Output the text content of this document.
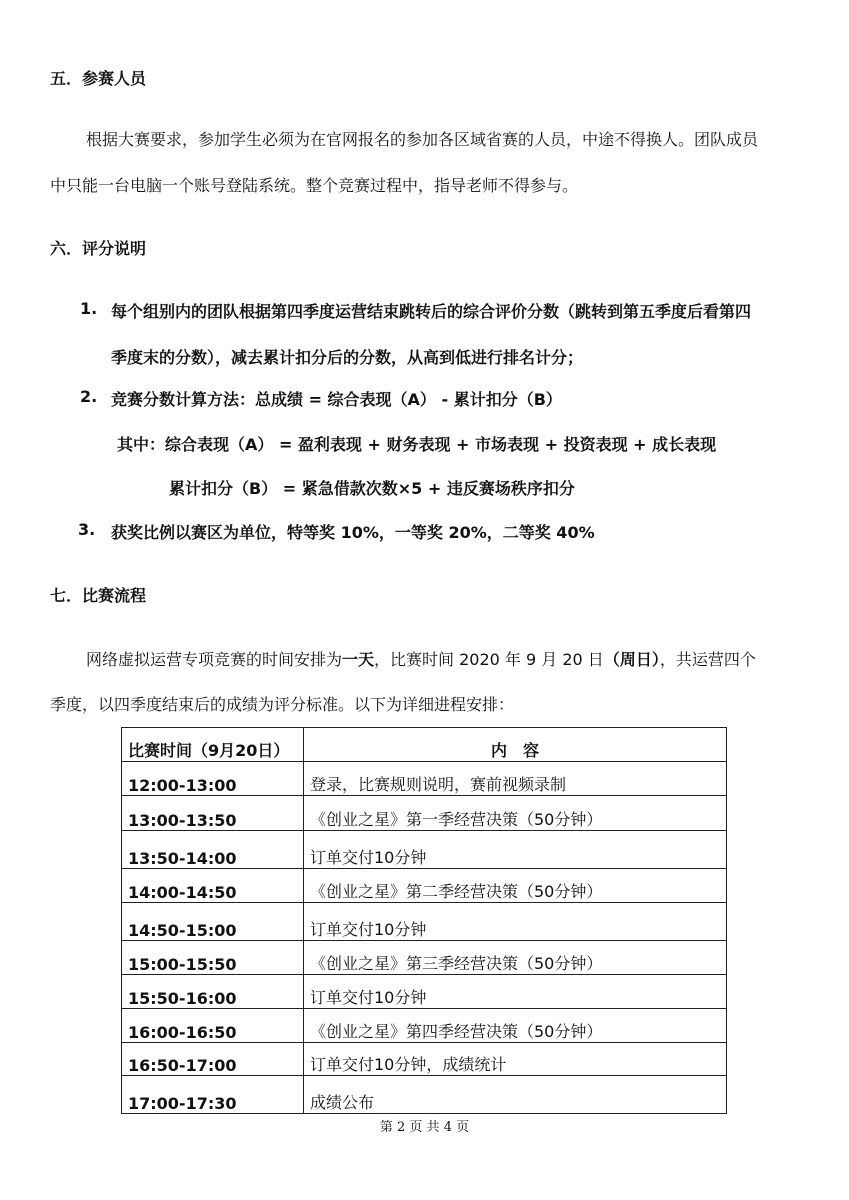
五．参赛人员
根据大赛要求，参加学生必须为在官网报名的参加各区域省赛的人员，中途不得换人。团队成员
中只能一台电脑一个账号登陆系统。整个竞赛过程中，指导老师不得参与。
六．评分说明
1. 每个组别内的团队根据第四季度运营结束跳转后的综合评价分数（跳转到第五季度后看第四
季度末的分数），减去累计扣分后的分数，从高到低进行排名计分；
2. 竞赛分数计算方法：总成绩 = 综合表现（A） - 累计扣分（B）
其中：综合表现（A） = 盈利表现 + 财务表现 + 市场表现 + 投资表现 + 成长表现
累计扣分（B） = 紧急借款次数×5 + 违反赛场秩序扣分
3. 获奖比例以赛区为单位，特等奖 10%，一等奖 20%，二等奖 40%
七．比赛流程
网络虚拟运营专项竞赛的时间安排为一天，比赛时间 2020 年 9 月 20 日（周日），共运营四个
季度，以四季度结束后的成绩为评分标准。以下为详细进程安排：
比赛时间（9月20日）	内　容
12:00-13:00	登录，比赛规则说明，赛前视频录制
13:00-13:50	《创业之星》第一季经营决策（50分钟）
13:50-14:00	订单交付10分钟
14:00-14:50	《创业之星》第二季经营决策（50分钟）
14:50-15:00	订单交付10分钟
15:00-15:50	《创业之星》第三季经营决策（50分钟）
15:50-16:00	订单交付10分钟
16:00-16:50	《创业之星》第四季经营决策（50分钟）
16:50-17:00	订单交付10分钟，成绩统计
17:00-17:30	成绩公布
第 2 页 共 4 页
